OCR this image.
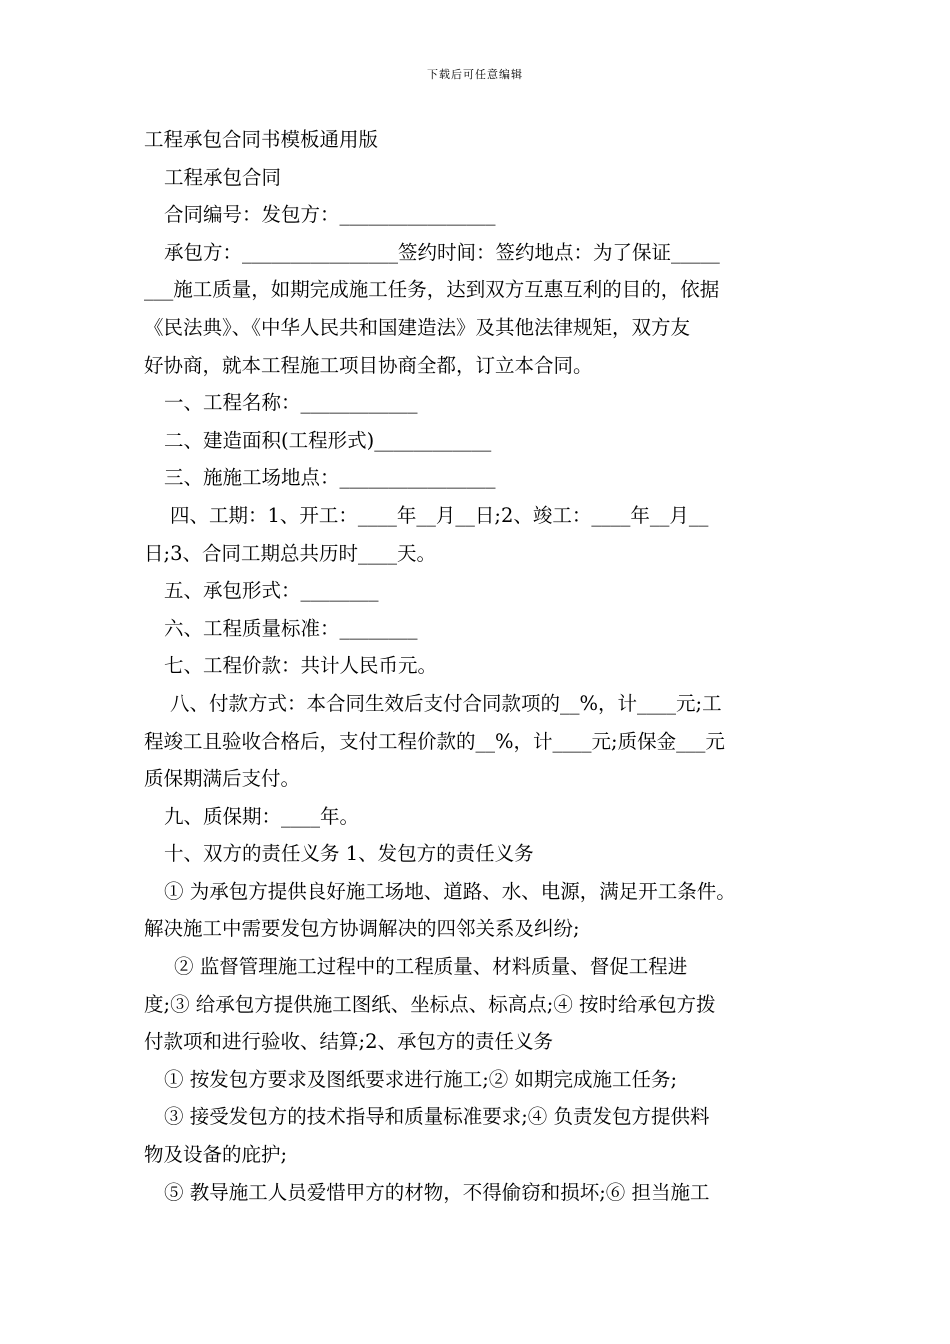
下载后可任意编辑
工程承包合同书模板通用版
工程承包合同
合同编号：发包方：________________
承包方：________________签约时间：签约地点：为了保证_____
___施工质量，如期完成施工任务，达到双方互惠互利的目的，依据
《民法典》、《中华人民共和国建造法》及其他法律规矩，双方友
好协商，就本工程施工项目协商全都，订立本合同。
一、工程名称：____________
二、建造面积(工程形式)____________
三、施施工场地点：________________
四、工期：1、开工：____年__月__日;2、竣工：____年__月__
日;3、合同工期总共历时____天。
五、承包形式：________
六、工程质量标准：________
七、工程价款：共计人民币元。
八、付款方式：本合同生效后支付合同款项的__%，计____元;工
程竣工且验收合格后，支付工程价款的__%，计____元;质保金___元
质保期满后支付。
九、质保期：____年。
十、双方的责任义务 1、发包方的责任义务
① 为承包方提供良好施工场地、道路、水、电源，满足开工条件。
解决施工中需要发包方协调解决的四邻关系及纠纷;
② 监督管理施工过程中的工程质量、材料质量、督促工程进
度;③ 给承包方提供施工图纸、坐标点、标高点;④ 按时给承包方拨
付款项和进行验收、结算;2、承包方的责任义务
① 按发包方要求及图纸要求进行施工;② 如期完成施工任务;
③ 接受发包方的技术指导和质量标准要求;④ 负责发包方提供料
物及设备的庇护;
⑤ 教导施工人员爱惜甲方的材物，不得偷窃和损坏;⑥ 担当施工
